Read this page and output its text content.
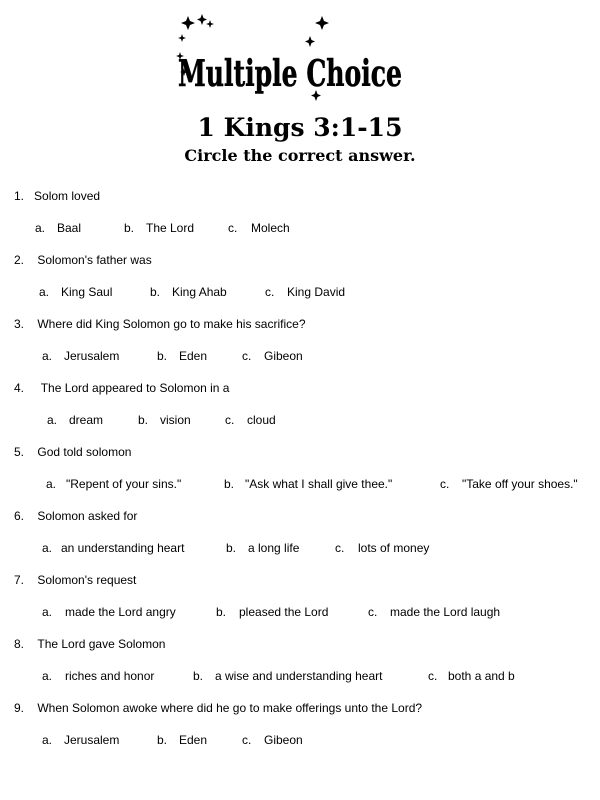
Multiple Choice
1 Kings 3:1-15
Circle the correct answer.
1. Solom loved
a. Baal	b. The Lord	c. Molech
2. Solomon's father was
a. King Saul	b. King Ahab	c. King David
3. Where did King Solomon go to make his sacrifice?
a. Jerusalem	b. Eden	c. Gibeon
4. The Lord appeared to Solomon in a
a. dream	b. vision	c. cloud
5. God told solomon
a. "Repent of your sins."	b. "Ask what I shall give thee."	c. "Take off your shoes."
6. Solomon asked for
a. an understanding heart	b. a long life	c. lots of money
7. Solomon's request
a. made the Lord angry	b. pleased the Lord	c. made the Lord laugh
8. The Lord gave Solomon
a. riches and honor	b. a wise and understanding heart	c. both a and b
9. When Solomon awoke where did he go to make offerings unto the Lord?
a. Jerusalem	b. Eden	c. Gibeon
